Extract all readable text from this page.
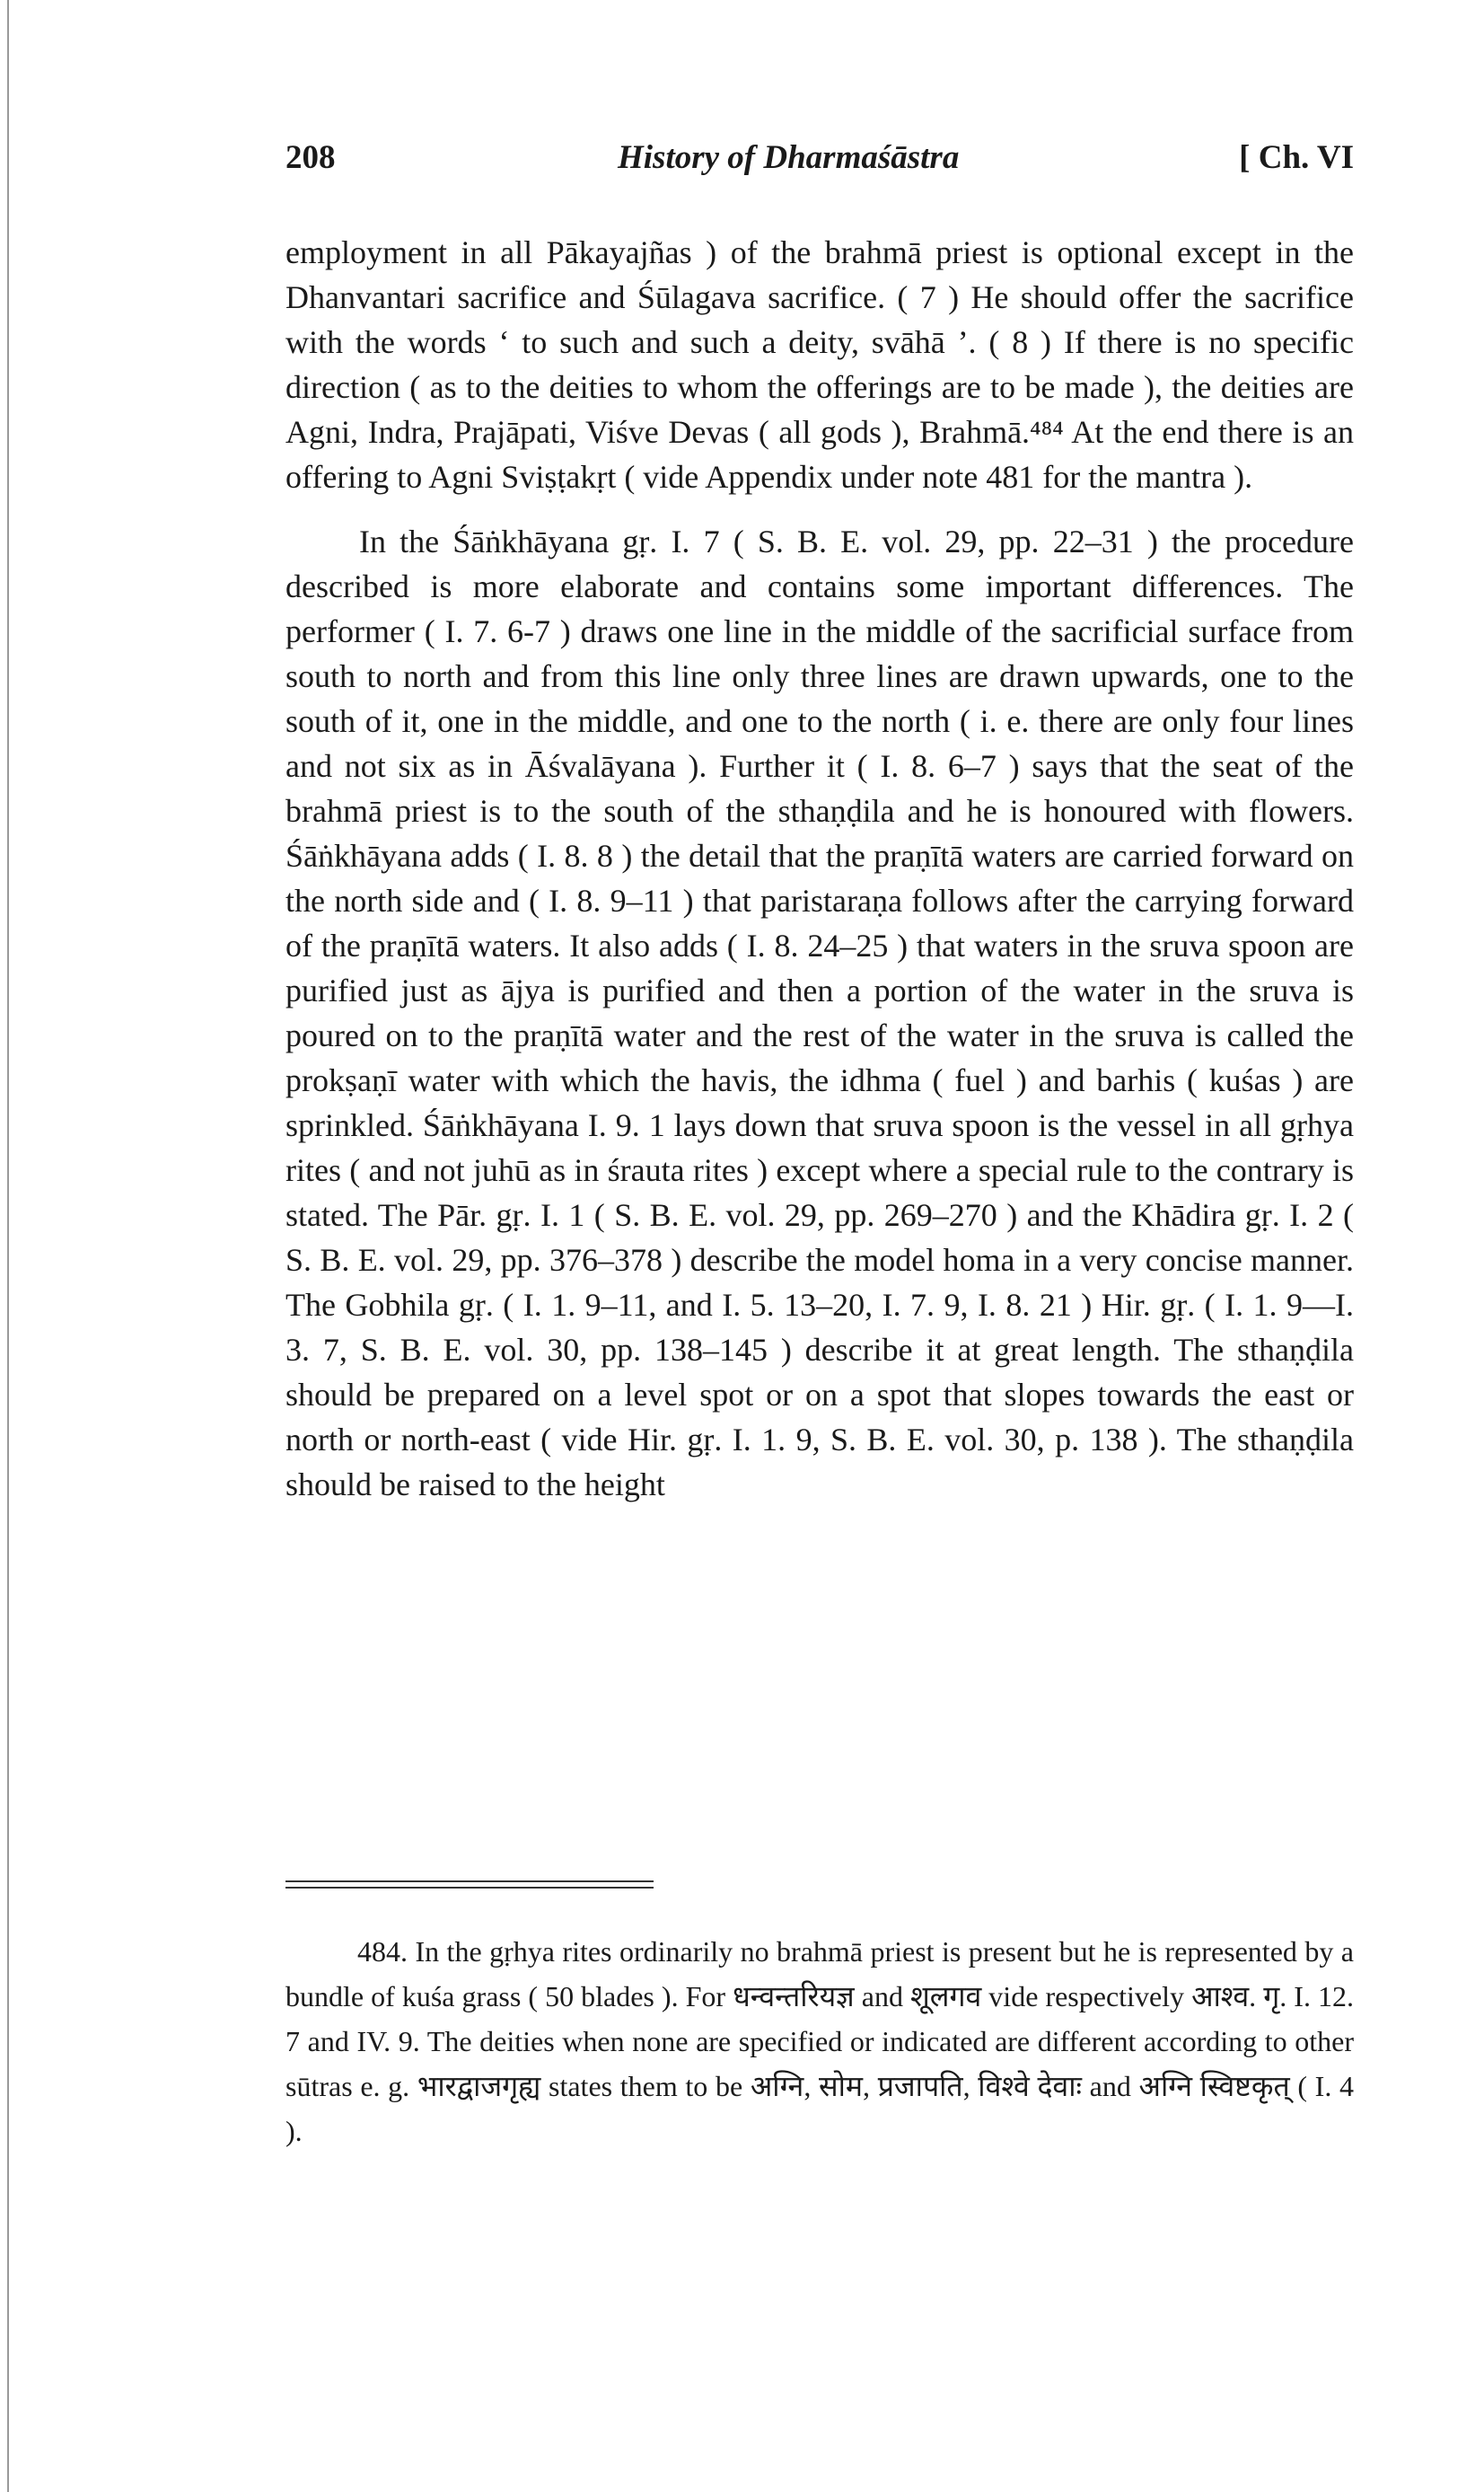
208	History of Dharmaśāstra	[ Ch. VI

employment in all Pākayajñas ) of the brahmā priest is optional except in the Dhanvantari sacrifice and Śūlagava sacrifice. ( 7 ) He should offer the sacrifice with the words ‘ to such and such a deity, svāhā ’. ( 8 ) If there is no specific direction ( as to the deities to whom the offerings are to be made ), the deities are Agni, Indra, Prajāpati, Viśve Devas ( all gods ), Brahmā.⁴⁸⁴ At the end there is an offering to Agni Sviṣṭakṛt ( vide Appendix under note 481 for the mantra ).

In the Śāṅkhāyana gṛ. I. 7 ( S. B. E. vol. 29, pp. 22–31 ) the procedure described is more elaborate and contains some important differences. The performer ( I. 7. 6-7 ) draws one line in the middle of the sacrificial surface from south to north and from this line only three lines are drawn upwards, one to the south of it, one in the middle, and one to the north ( i. e. there are only four lines and not six as in Āśvalāyana ). Further it ( I. 8. 6–7 ) says that the seat of the brahmā priest is to the south of the sthaṇḍila and he is honoured with flowers. Śāṅkhāyana adds ( I. 8. 8 ) the detail that the praṇītā waters are carried forward on the north side and ( I. 8. 9–11 ) that paristaraṇa follows after the carrying forward of the praṇītā waters. It also adds ( I. 8. 24–25 ) that waters in the sruva spoon are purified just as ājya is purified and then a portion of the water in the sruva is poured on to the praṇītā water and the rest of the water in the sruva is called the prokṣaṇī water with which the havis, the idhma ( fuel ) and barhis ( kuśas ) are sprinkled. Śāṅkhāyana I. 9. 1 lays down that sruva spoon is the vessel in all gṛhya rites ( and not juhū as in śrauta rites ) except where a special rule to the contrary is stated. The Pār. gṛ. I. 1 ( S. B. E. vol. 29, pp. 269–270 ) and the Khādira gṛ. I. 2 ( S. B. E. vol. 29, pp. 376–378 ) describe the model homa in a very concise manner. The Gobhila gṛ. ( I. 1. 9–11, and I. 5. 13–20, I. 7. 9, I. 8. 21 ) Hir. gṛ. ( I. 1. 9—I. 3. 7, S. B. E. vol. 30, pp. 138–145 ) describe it at great length. The sthaṇḍila should be prepared on a level spot or on a spot that slopes towards the east or north or north-east ( vide Hir. gṛ. I. 1. 9, S. B. E. vol. 30, p. 138 ). The sthaṇḍila should be raised to the height

484. In the gṛhya rites ordinarily no brahmā priest is present but he is represented by a bundle of kuśa grass ( 50 blades ). For धन्वन्तरियज्ञ and शूलगव vide respectively आश्व. गृ. I. 12. 7 and IV. 9. The deities when none are specified or indicated are different according to other sūtras e. g. भारद्वाजगृह्य states them to be अग्नि, सोम, प्रजापति, विश्वे देवाः and अग्नि स्विष्टकृत् ( I. 4 ).
